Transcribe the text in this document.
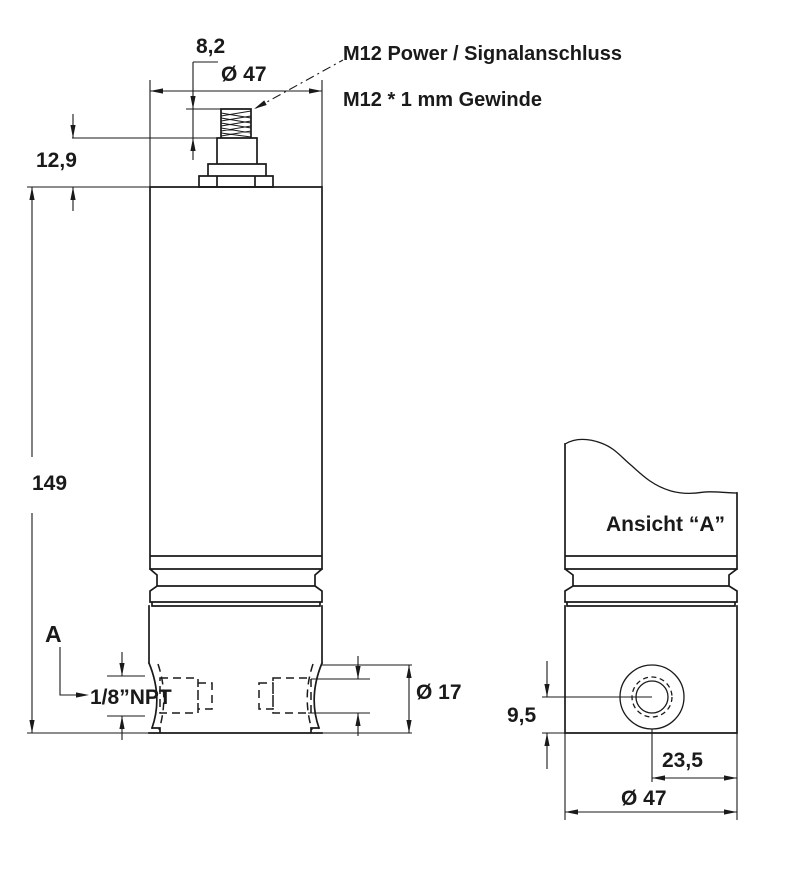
Ø 47
8,2
12,9
149
A
1/8”NPT	Ø 17
M12 Power / Signalanschluss
M12 * 1 mm Gewinde
Ansicht “A”
9,5
23,5
Ø 47
